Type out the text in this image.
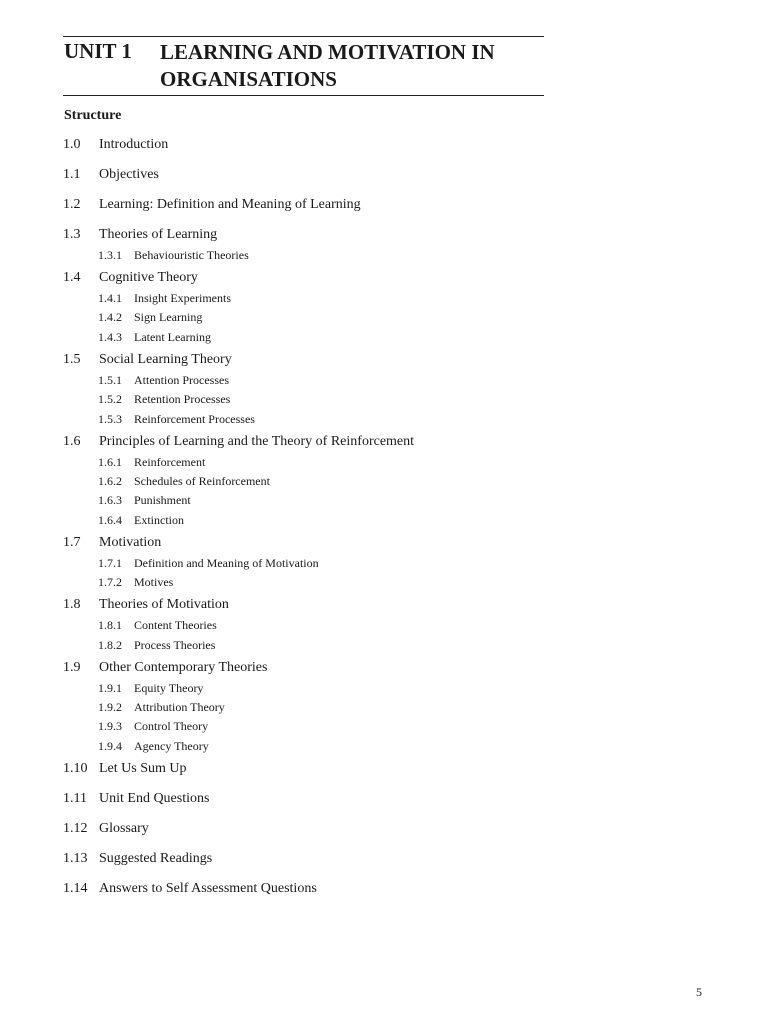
UNIT 1 LEARNING AND MOTIVATION IN
ORGANISATIONS
Structure
1.0 Introduction
1.1 Objectives
1.2 Learning: Definition and Meaning of Learning
1.3 Theories of Learning
1.3.1 Behaviouristic Theories
1.4 Cognitive Theory
1.4.1 Insight Experiments
1.4.2 Sign Learning
1.4.3 Latent Learning
1.5 Social Learning Theory
1.5.1 Attention Processes
1.5.2 Retention Processes
1.5.3 Reinforcement Processes
1.6 Principles of Learning and the Theory of Reinforcement
1.6.1 Reinforcement
1.6.2 Schedules of Reinforcement
1.6.3 Punishment
1.6.4 Extinction
1.7 Motivation
1.7.1 Definition and Meaning of Motivation
1.7.2 Motives
1.8 Theories of Motivation
1.8.1 Content Theories
1.8.2 Process Theories
1.9 Other Contemporary Theories
1.9.1 Equity Theory
1.9.2 Attribution Theory
1.9.3 Control Theory
1.9.4 Agency Theory
1.10 Let Us Sum Up
1.11 Unit End Questions
1.12 Glossary
1.13 Suggested Readings
1.14 Answers to Self Assessment Questions
5
